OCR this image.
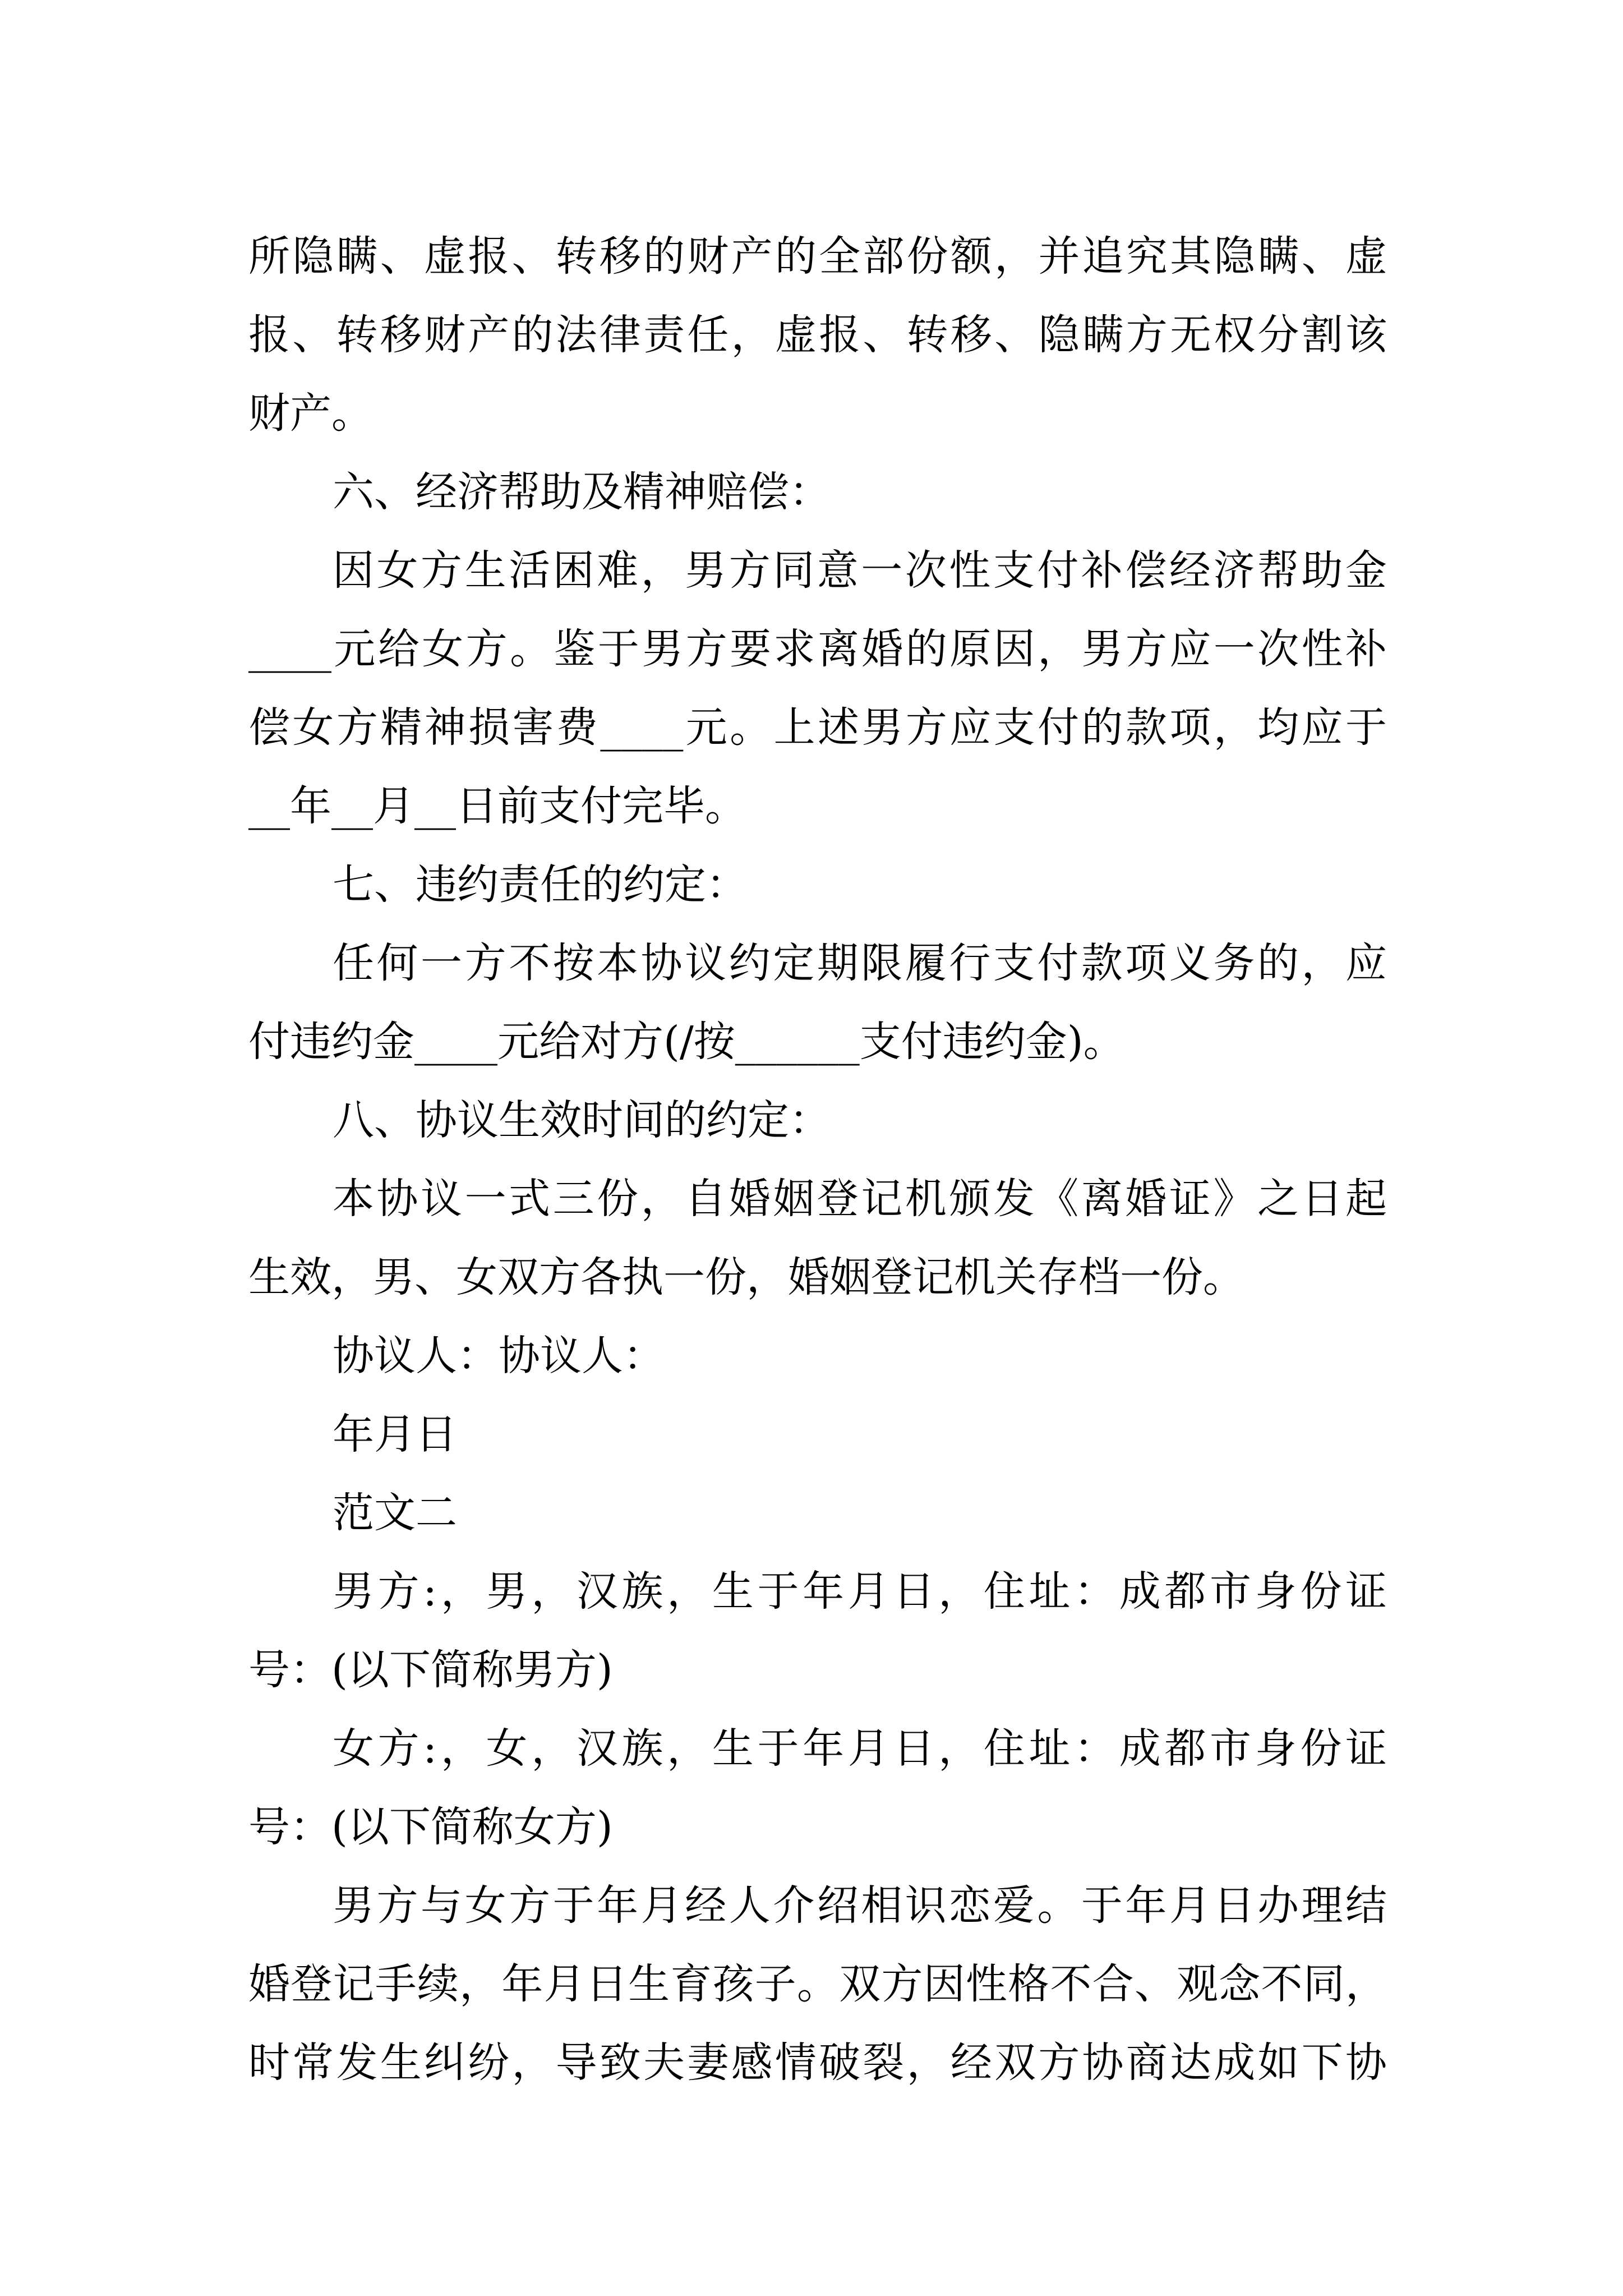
所隐瞒、虚报、转移的财产的全部份额，并追究其隐瞒、虚
报、转移财产的法律责任，虚报、转移、隐瞒方无权分割该
财产。
六、经济帮助及精神赔偿：
因女方生活困难，男方同意一次性支付补偿经济帮助金
____元给女方。鉴于男方要求离婚的原因，男方应一次性补
偿女方精神损害费____元。上述男方应支付的款项，均应于
__年__月__日前支付完毕。
七、违约责任的约定：
任何一方不按本协议约定期限履行支付款项义务的，应
付违约金____元给对方(/按______支付违约金)。
八、协议生效时间的约定：
本协议一式三份，自婚姻登记机颁发《离婚证》之日起
生效，男、女双方各执一份，婚姻登记机关存档一份。
协议人：协议人：
年月日
范文二
男方:，男，汉族，生于年月日，住址：成都市身份证
号：(以下简称男方)
女方:，女，汉族，生于年月日，住址：成都市身份证
号：(以下简称女方)
男方与女方于年月经人介绍相识恋爱。于年月日办理结
婚登记手续，年月日生育孩子。双方因性格不合、观念不同，
时常发生纠纷，导致夫妻感情破裂，经双方协商达成如下协
